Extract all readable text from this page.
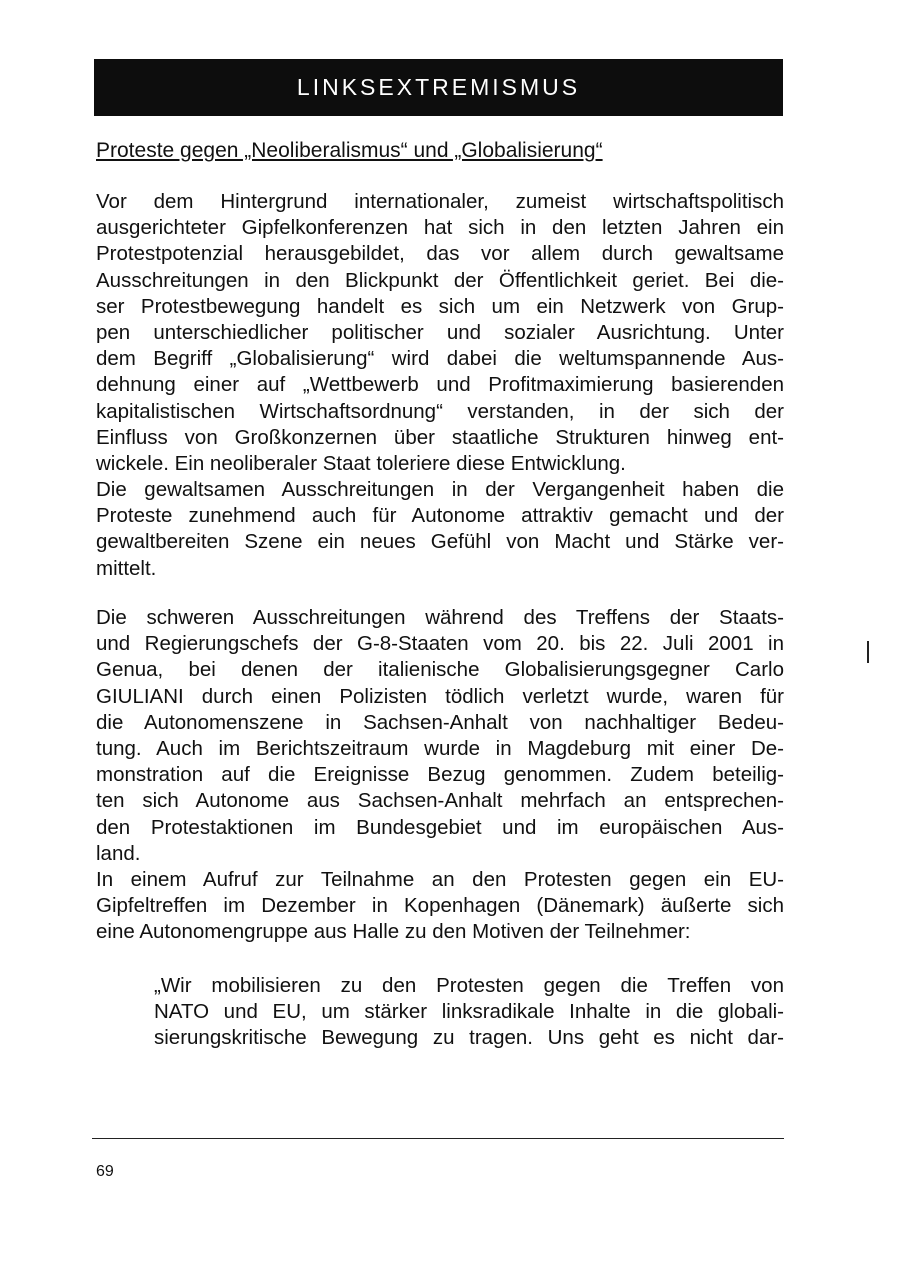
LINKSEXTREMISMUS
Proteste gegen „Neoliberalismus“ und „Globalisierung“
Vor dem Hintergrund internationaler, zumeist wirtschaftspolitisch
ausgerichteter Gipfelkonferenzen hat sich in den letzten Jahren ein
Protestpotenzial herausgebildet, das vor allem durch gewaltsame
Ausschreitungen in den Blickpunkt der Öffentlichkeit geriet. Bei die-
ser Protestbewegung handelt es sich um ein Netzwerk von Grup-
pen unterschiedlicher politischer und sozialer Ausrichtung. Unter
dem Begriff „Globalisierung“ wird dabei die weltumspannende Aus-
dehnung einer auf „Wettbewerb und Profitmaximierung basierenden
kapitalistischen Wirtschaftsordnung“ verstanden, in der sich der
Einfluss von Großkonzernen über staatliche Strukturen hinweg ent-
wickele. Ein neoliberaler Staat toleriere diese Entwicklung.
Die gewaltsamen Ausschreitungen in der Vergangenheit haben die
Proteste zunehmend auch für Autonome attraktiv gemacht und der
gewaltbereiten Szene ein neues Gefühl von Macht und Stärke ver-
mittelt.
Die schweren Ausschreitungen während des Treffens der Staats-
und Regierungschefs der G-8-Staaten vom 20. bis 22. Juli 2001 in
Genua, bei denen der italienische Globalisierungsgegner Carlo
GIULIANI durch einen Polizisten tödlich verletzt wurde, waren für
die Autonomenszene in Sachsen-Anhalt von nachhaltiger Bedeu-
tung. Auch im Berichtszeitraum wurde in Magdeburg mit einer De-
monstration auf die Ereignisse Bezug genommen. Zudem beteilig-
ten sich Autonome aus Sachsen-Anhalt mehrfach an entsprechen-
den Protestaktionen im Bundesgebiet und im europäischen Aus-
land.
In einem Aufruf zur Teilnahme an den Protesten gegen ein EU-
Gipfeltreffen im Dezember in Kopenhagen (Dänemark) äußerte sich
eine Autonomengruppe aus Halle zu den Motiven der Teilnehmer:
„Wir mobilisieren zu den Protesten gegen die Treffen von
NATO und EU, um stärker linksradikale Inhalte in die globali-
sierungskritische Bewegung zu tragen. Uns geht es nicht dar-
69
